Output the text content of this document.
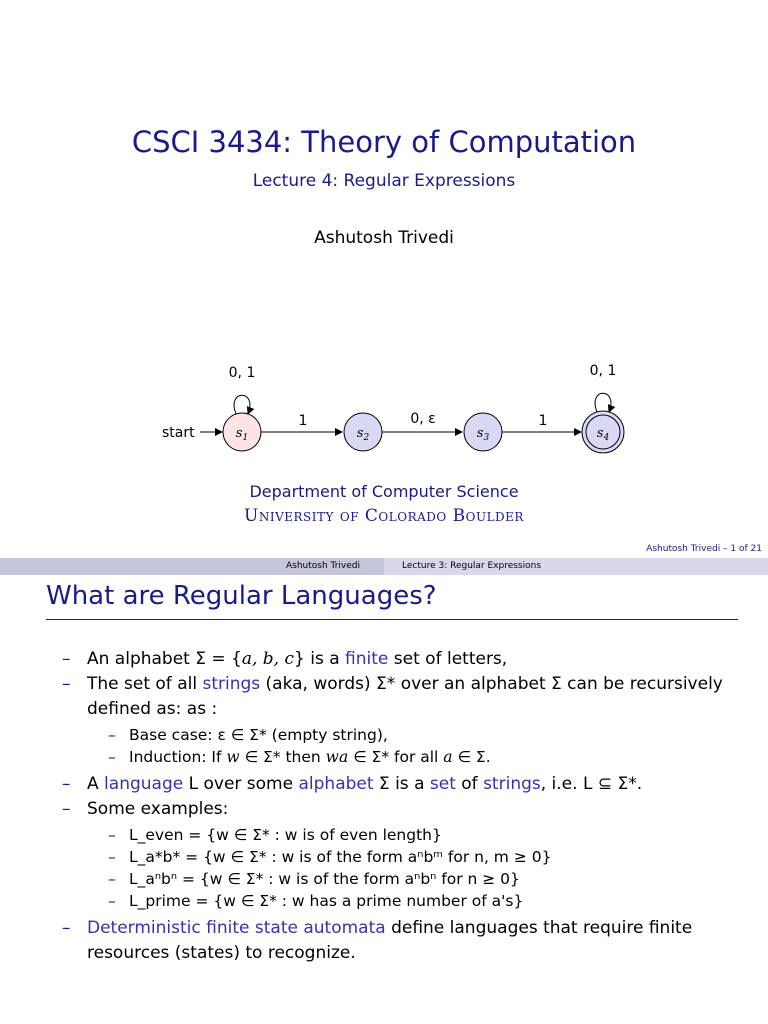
CSCI 3434: Theory of Computation
Lecture 4: Regular Expressions
Ashutosh Trivedi
start
0, 1
$s_1$
1
$s_2$
0, ε
$s_3$
1
0, 1
$s_4$
Department of Computer Science
University of Colorado Boulder
Ashutosh Trivedi – 1 of 21
Ashutosh Trivedi	Lecture 3: Regular Expressions
What are Regular Languages?
– An alphabet Σ = {a, b, c} is a finite set of letters,
– The set of all strings (aka, words) Σ* over an alphabet Σ can be recursively defined as: as :
– Base case: ε ∈ Σ* (empty string),
– Induction: If w ∈ Σ* then wa ∈ Σ* for all a ∈ Σ.
– A language L over some alphabet Σ is a set of strings, i.e. L ⊆ Σ*.
– Some examples:
– L_even = {w ∈ Σ* : w is of even length}
– L_a*b* = {w ∈ Σ* : w is of the form aⁿbᵐ for n, m ≥ 0}
– L_aⁿbⁿ = {w ∈ Σ* : w is of the form aⁿbⁿ for n ≥ 0}
– L_prime = {w ∈ Σ* : w has a prime number of a's}
– Deterministic finite state automata define languages that require finite resources (states) to recognize.
